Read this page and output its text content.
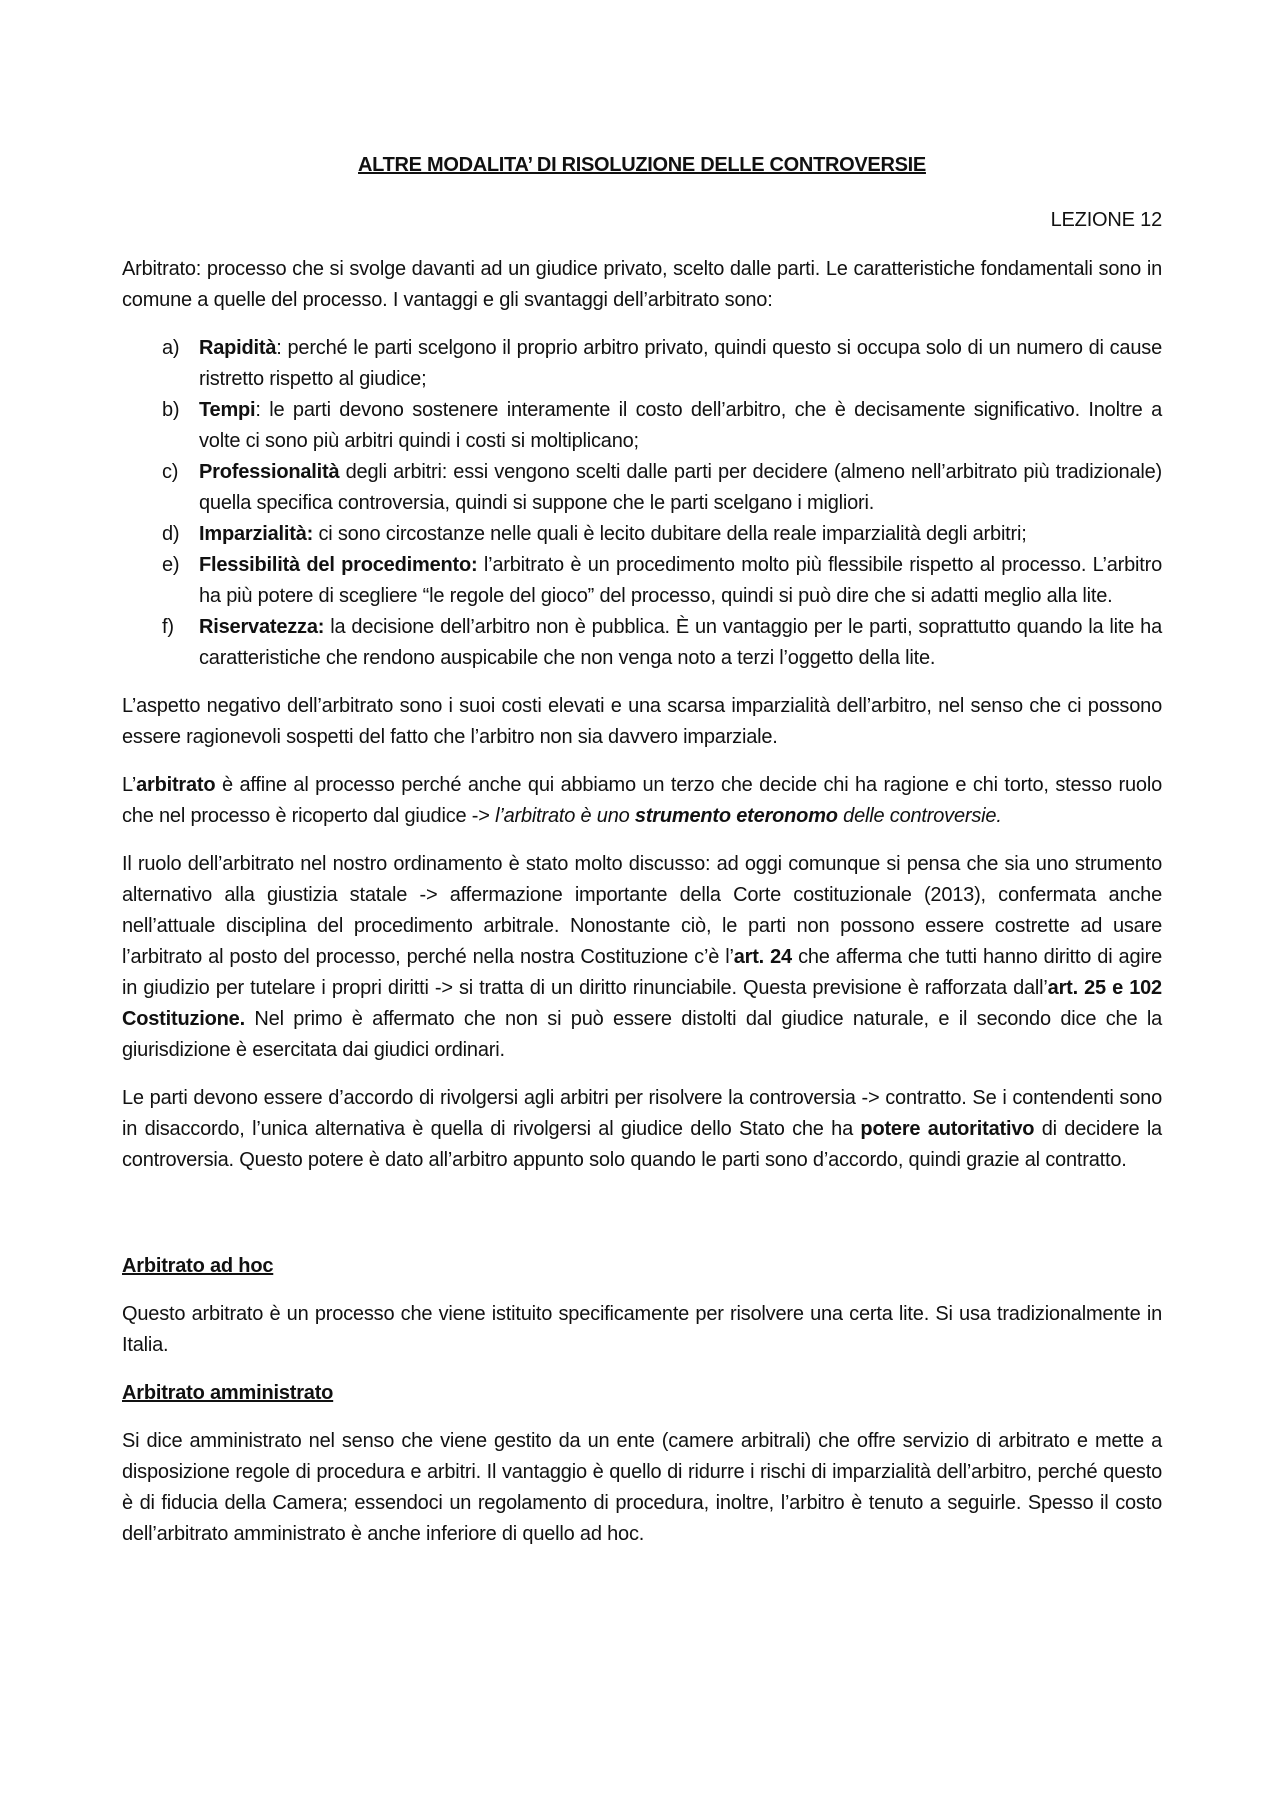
ALTRE MODALITA’ DI RISOLUZIONE DELLE CONTROVERSIE
LEZIONE 12

Arbitrato: processo che si svolge davanti ad un giudice privato, scelto dalle parti. Le caratteristiche fondamentali sono in comune a quelle del processo. I vantaggi e gli svantaggi dell’arbitrato sono:

a) Rapidità: perché le parti scelgono il proprio arbitro privato, quindi questo si occupa solo di un numero di cause ristretto rispetto al giudice;
b) Tempi: le parti devono sostenere interamente il costo dell’arbitro, che è decisamente significativo. Inoltre a volte ci sono più arbitri quindi i costi si moltiplicano;
c) Professionalità degli arbitri: essi vengono scelti dalle parti per decidere (almeno nell’arbitrato più tradizionale) quella specifica controversia, quindi si suppone che le parti scelgano i migliori.
d) Imparzialità: ci sono circostanze nelle quali è lecito dubitare della reale imparzialità degli arbitri;
e) Flessibilità del procedimento: l’arbitrato è un procedimento molto più flessibile rispetto al processo. L’arbitro ha più potere di scegliere “le regole del gioco” del processo, quindi si può dire che si adatti meglio alla lite.
f) Riservatezza: la decisione dell’arbitro non è pubblica. È un vantaggio per le parti, soprattutto quando la lite ha caratteristiche che rendono auspicabile che non venga noto a terzi l’oggetto della lite.

L’aspetto negativo dell’arbitrato sono i suoi costi elevati e una scarsa imparzialità dell’arbitro, nel senso che ci possono essere ragionevoli sospetti del fatto che l’arbitro non sia davvero imparziale.

L’arbitrato è affine al processo perché anche qui abbiamo un terzo che decide chi ha ragione e chi torto, stesso ruolo che nel processo è ricoperto dal giudice -> l’arbitrato è uno strumento eteronomo delle controversie.

Il ruolo dell’arbitrato nel nostro ordinamento è stato molto discusso: ad oggi comunque si pensa che sia uno strumento alternativo alla giustizia statale -> affermazione importante della Corte costituzionale (2013), confermata anche nell’attuale disciplina del procedimento arbitrale. Nonostante ciò, le parti non possono essere costrette ad usare l’arbitrato al posto del processo, perché nella nostra Costituzione c’è l’art. 24 che afferma che tutti hanno diritto di agire in giudizio per tutelare i propri diritti -> si tratta di un diritto rinunciabile. Questa previsione è rafforzata dall’art. 25 e 102 Costituzione. Nel primo è affermato che non si può essere distolti dal giudice naturale, e il secondo dice che la giurisdizione è esercitata dai giudici ordinari.

Le parti devono essere d’accordo di rivolgersi agli arbitri per risolvere la controversia -> contratto. Se i contendenti sono in disaccordo, l’unica alternativa è quella di rivolgersi al giudice dello Stato che ha potere autoritativo di decidere la controversia. Questo potere è dato all’arbitro appunto solo quando le parti sono d’accordo, quindi grazie al contratto.

Arbitrato ad hoc

Questo arbitrato è un processo che viene istituito specificamente per risolvere una certa lite. Si usa tradizionalmente in Italia.

Arbitrato amministrato

Si dice amministrato nel senso che viene gestito da un ente (camere arbitrali) che offre servizio di arbitrato e mette a disposizione regole di procedura e arbitri. Il vantaggio è quello di ridurre i rischi di imparzialità dell’arbitro, perché questo è di fiducia della Camera; essendoci un regolamento di procedura, inoltre, l’arbitro è tenuto a seguirle. Spesso il costo dell’arbitrato amministrato è anche inferiore di quello ad hoc.
